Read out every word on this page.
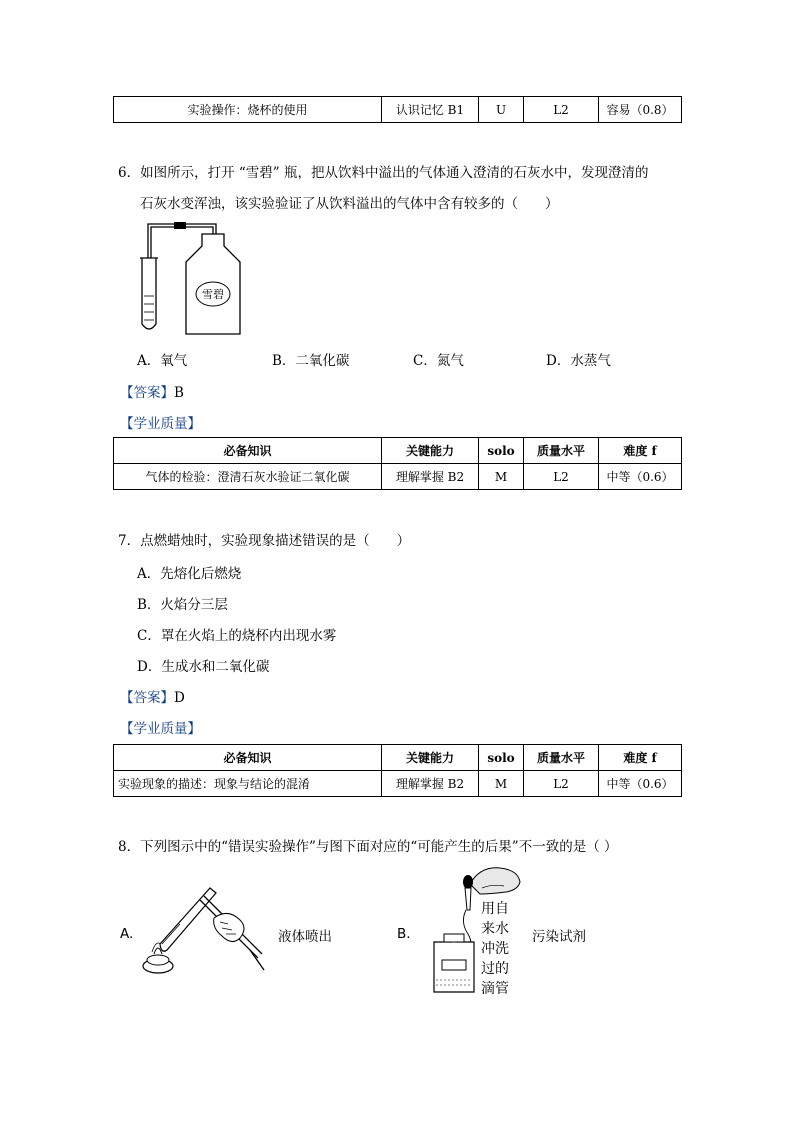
实验操作：烧杯的使用	认识记忆 B1	U	L2	容易（0.8）
6．如图所示，打开 “雪碧” 瓶，把从饮料中溢出的气体通入澄清的石灰水中，发现澄清的
石灰水变浑浊，该实验验证了从饮料溢出的气体中含有较多的（　　）
雪碧
A．氧气	B．二氧化碳	C．氮气	D．水蒸气
【答案】B
【学业质量】
必备知识	关键能力	solo	质量水平	难度 f
气体的检验：澄清石灰水验证二氧化碳	理解掌握 B2	M	L2	中等（0.6）
7．点燃蜡烛时，实验现象描述错误的是（　　）
A．先熔化后燃烧
B．火焰分三层
C．罩在火焰上的烧杯内出现水雾
D．生成水和二氧化碳
【答案】D
【学业质量】
必备知识	关键能力	solo	质量水平	难度 f
实验现象的描述：现象与结论的混淆	理解掌握 B2	M	L2	中等（0.6）
8．下列图示中的“错误实验操作”与图下面对应的“可能产生的后果”不一致的是（ ）
A.	液体喷出	B.
用自
来水
冲洗
过的
滴管
污染试剂
